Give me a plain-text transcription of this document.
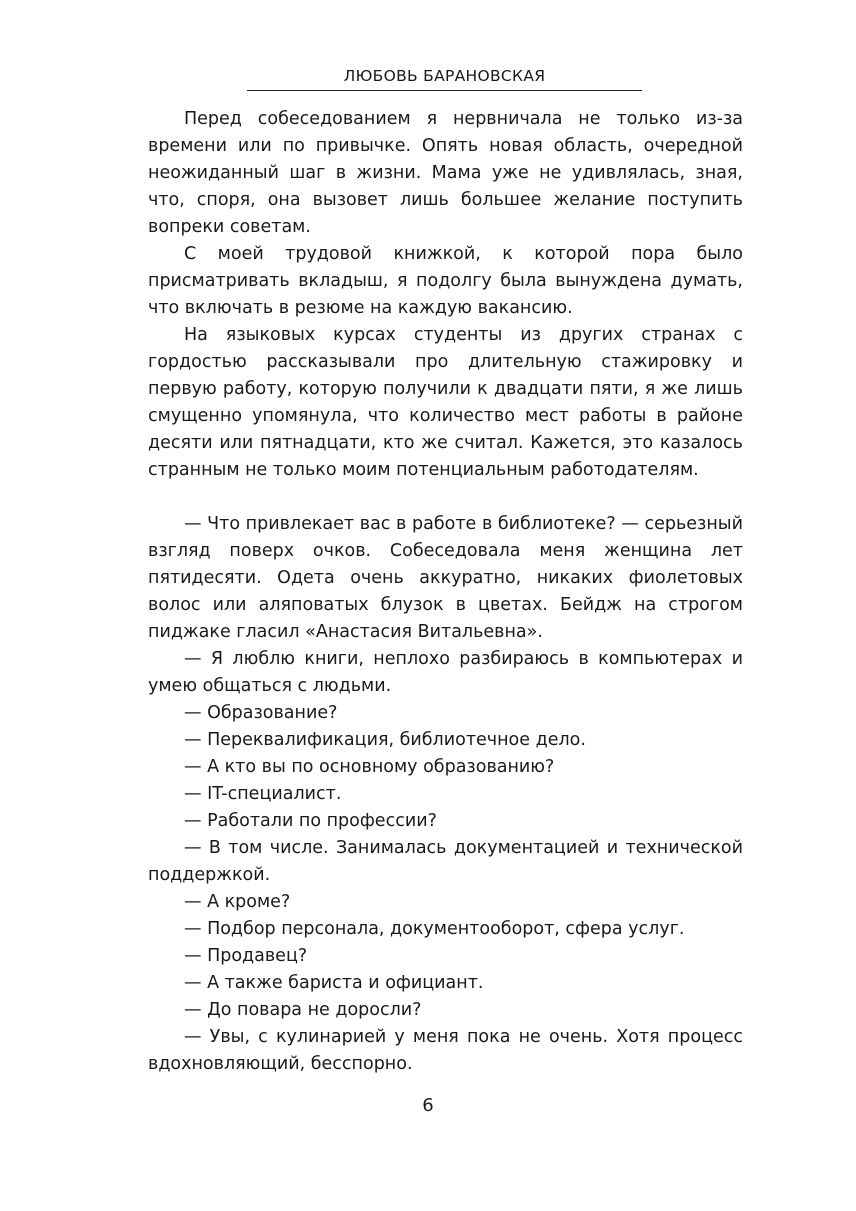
ЛЮБОВЬ БАРАНОВСКАЯ

Перед собеседованием я нервничала не только из-за времени или по привычке. Опять новая область, очередной неожиданный шаг в жизни. Мама уже не удивлялась, зная, что, споря, она вызовет лишь большее желание поступить вопреки советам.

С моей трудовой книжкой, к которой пора было присматривать вкладыш, я подолгу была вынуждена думать, что включать в резюме на каждую вакансию.

На языковых курсах студенты из других странах с гордостью рассказывали про длительную стажировку и первую работу, которую получили к двадцати пяти, я же лишь смущенно упомянула, что количество мест работы в районе десяти или пятнадцати, кто же считал. Кажется, это казалось странным не только моим потенциальным работодателям.

— Что привлекает вас в работе в библиотеке? — серьезный взгляд поверх очков. Собеседовала меня женщина лет пятидесяти. Одета очень аккуратно, никаких фиолетовых волос или аляповатых блузок в цветах. Бейдж на строгом пиджаке гласил «Анастасия Витальевна».

— Я люблю книги, неплохо разбираюсь в компьютерах и умею общаться с людьми.

— Образование?

— Переквалификация, библиотечное дело.

— А кто вы по основному образованию?

— IT-специалист.

— Работали по профессии?

— В том числе. Занималась документацией и технической поддержкой.

— А кроме?

— Подбор персонала, документооборот, сфера услуг.

— Продавец?

— А также бариста и официант.

— До повара не доросли?

— Увы, с кулинарией у меня пока не очень. Хотя процесс вдохновляющий, бесспорно.

6
